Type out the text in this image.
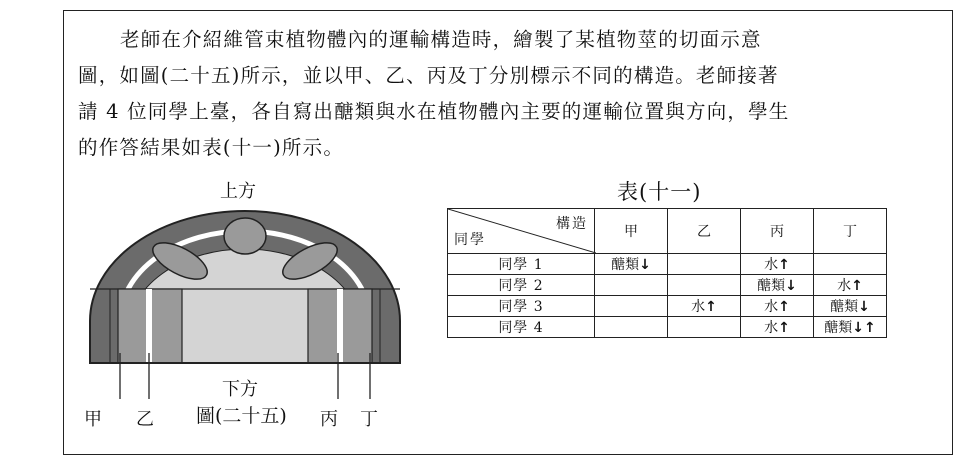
老師在介紹維管束植物體內的運輸構造時，繪製了某植物莖的切面示意
圖，如圖(二十五)所示，並以甲、乙、丙及丁分別標示不同的構造。老師接著
請 4 位同學上臺，各自寫出醣類與水在植物體內主要的運輸位置與方向，學生
的作答結果如表(十一)所示。

上方
甲 乙	丙 丁
下方
圖(二十五)
表(十一)
構造
同學	甲	乙	丙	丁
同學 1	醣類↓		水↑	
同學 2			醣類↓	水↑
同學 3		水↑	水↑	醣類↓
同學 4			水↑	醣類↓↑
